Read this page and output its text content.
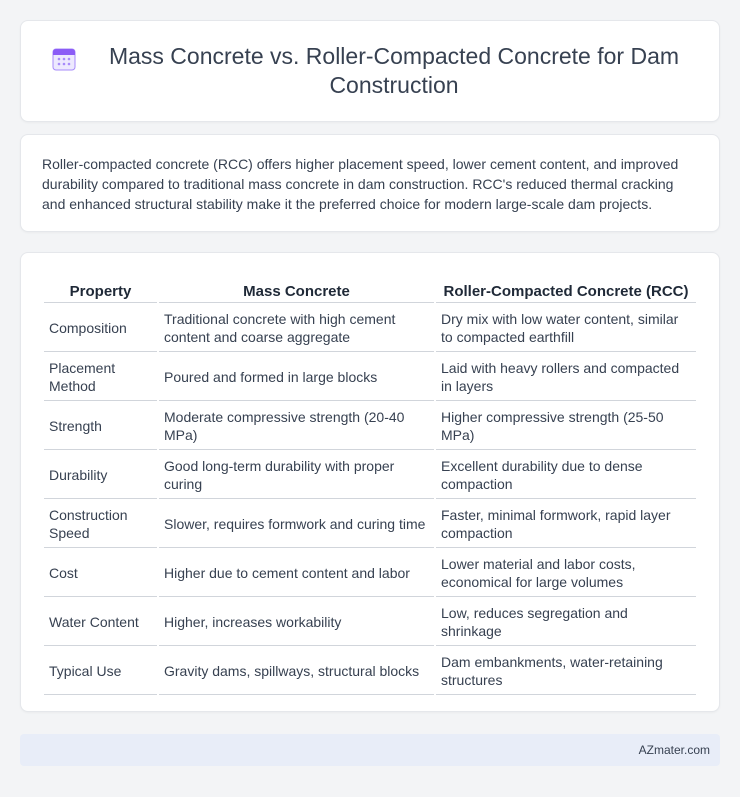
Mass Concrete vs. Roller-Compacted Concrete for Dam Construction

Roller-compacted concrete (RCC) offers higher placement speed, lower cement content, and improved durability compared to traditional mass concrete in dam construction. RCC's reduced thermal cracking and enhanced structural stability make it the preferred choice for modern large-scale dam projects.

Property	Mass Concrete	Roller-Compacted Concrete (RCC)
Composition	Traditional concrete with high cement content and coarse aggregate	Dry mix with low water content, similar to compacted earthfill
Placement Method	Poured and formed in large blocks	Laid with heavy rollers and compacted in layers
Strength	Moderate compressive strength (20-40 MPa)	Higher compressive strength (25-50 MPa)
Durability	Good long-term durability with proper curing	Excellent durability due to dense compaction
Construction Speed	Slower, requires formwork and curing time	Faster, minimal formwork, rapid layer compaction
Cost	Higher due to cement content and labor	Lower material and labor costs, economical for large volumes
Water Content	Higher, increases workability	Low, reduces segregation and shrinkage
Typical Use	Gravity dams, spillways, structural blocks	Dam embankments, water-retaining structures
AZmater.com
